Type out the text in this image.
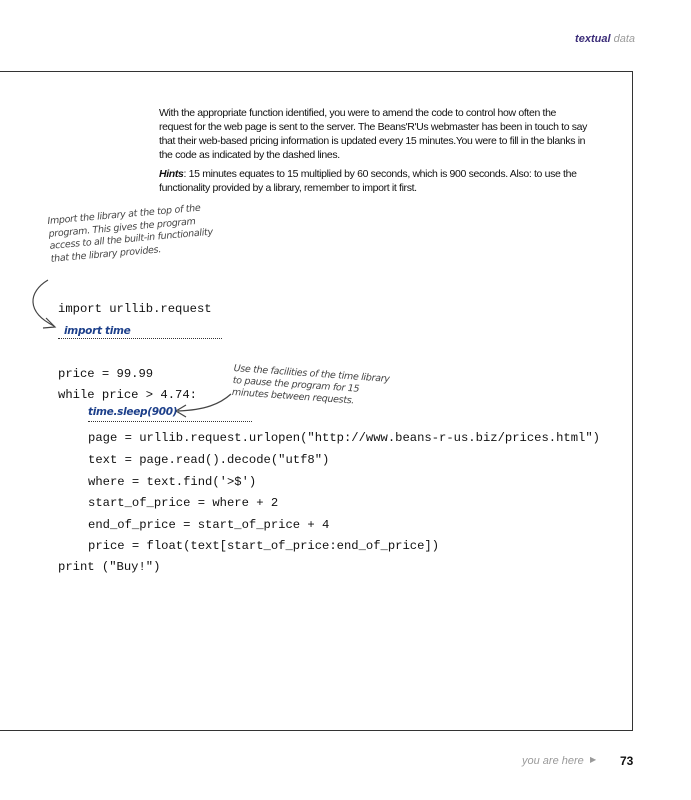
textual data

With the appropriate function identified, you were to amend the code to control how often the request for the web page is sent to the server. The Beans'R'Us webmaster has been in touch to say that their web-based pricing information is updated every 15 minutes.You were to fill in the blanks in the code as indicated by the dashed lines.

Hints: 15 minutes equates to 15 multiplied by 60 seconds, which is 900 seconds. Also: to use the functionality provided by a library, remember to import it first.

Import the library at the top of the program. This gives the program access to all the built-in functionality that the library provides.
Use the facilities of the time library to pause the program for 15 minutes between requests.
import urllib.request
import time
price = 99.99
while price > 4.74:
time.sleep(900)
page = urllib.request.urlopen("http://www.beans-r-us.biz/prices.html")
text = page.read().decode("utf8")
where = text.find('>$')
start_of_price = where + 2
end_of_price = start_of_price + 4
price = float(text[start_of_price:end_of_price])
print ("Buy!")
you are here ▶ 73
